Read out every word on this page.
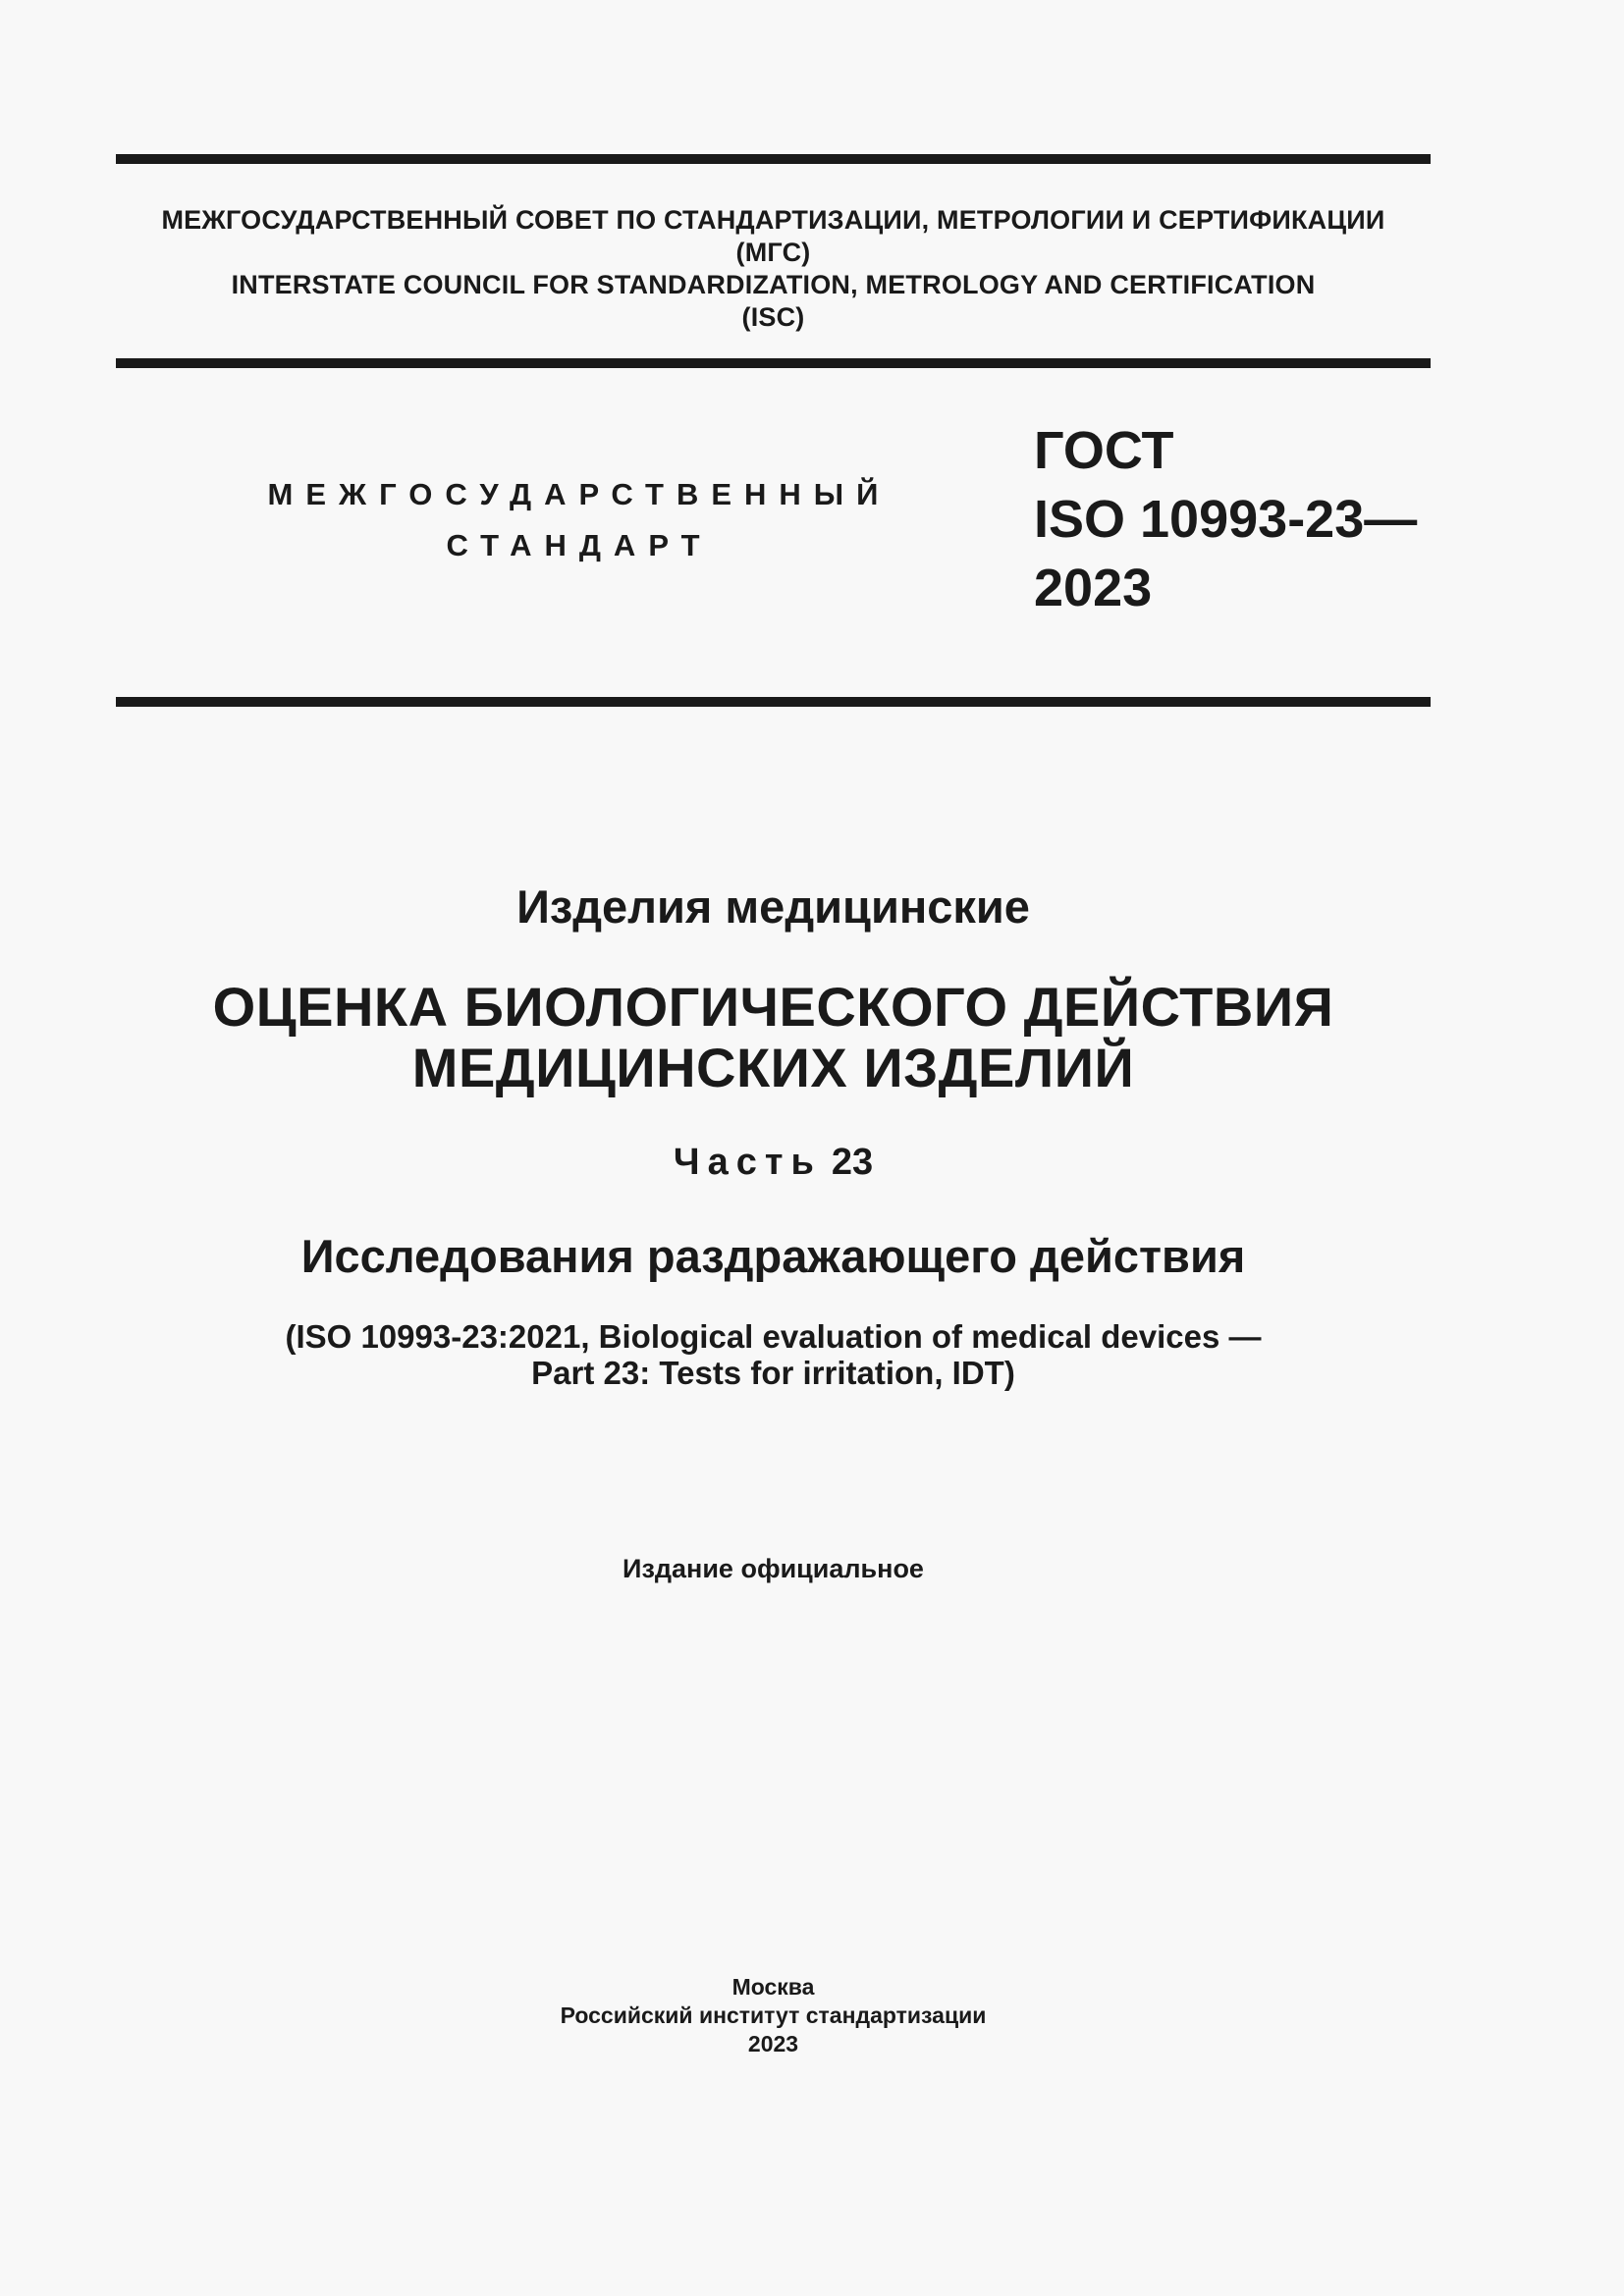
МЕЖГОСУДАРСТВЕННЫЙ СОВЕТ ПО СТАНДАРТИЗАЦИИ, МЕТРОЛОГИИ И СЕРТИФИКАЦИИ
(МГС)
INTERSTATE COUNCIL FOR STANDARDIZATION, METROLOGY AND CERTIFICATION
(ISC)
МЕЖГОСУДАРСТВЕННЫЙ
СТАНДАРТ
ГОСТ
ISO 10993-23—
2023
Изделия медицинские
ОЦЕНКА БИОЛОГИЧЕСКОГО ДЕЙСТВИЯ
МЕДИЦИНСКИХ ИЗДЕЛИЙ
Часть 23
Исследования раздражающего действия
(ISO 10993-23:2021, Biological evaluation of medical devices —
Part 23: Tests for irritation, IDT)
Издание официальное
Москва
Российский институт стандартизации
2023
